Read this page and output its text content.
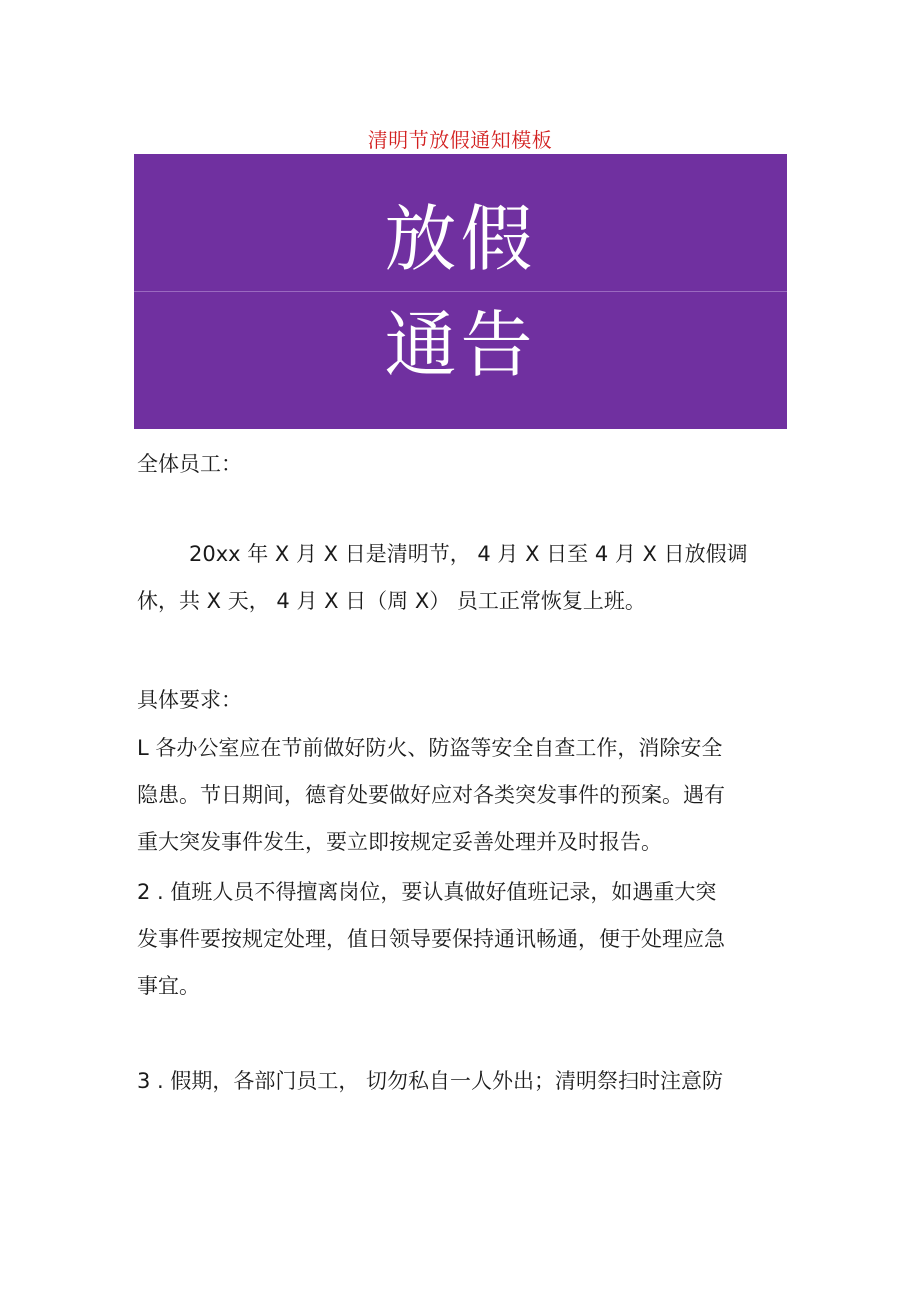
清明节放假通知模板
放假
通告
全体员工：
20xx 年 X 月 X 日是清明节， 4 月 X 日至 4 月 X 日放假调
休，共 X 天， 4 月 X 日（周 X） 员工正常恢复上班。
具体要求：
L 各办公室应在节前做好防火、防盗等安全自查工作，消除安全
隐患。节日期间，德育处要做好应对各类突发事件的预案。遇有
重大突发事件发生，要立即按规定妥善处理并及时报告。
2 . 值班人员不得擅离岗位，要认真做好值班记录，如遇重大突
发事件要按规定处理，值日领导要保持通讯畅通，便于处理应急
事宜。
3 . 假期，各部门员工， 切勿私自一人外出；清明祭扫时注意防
